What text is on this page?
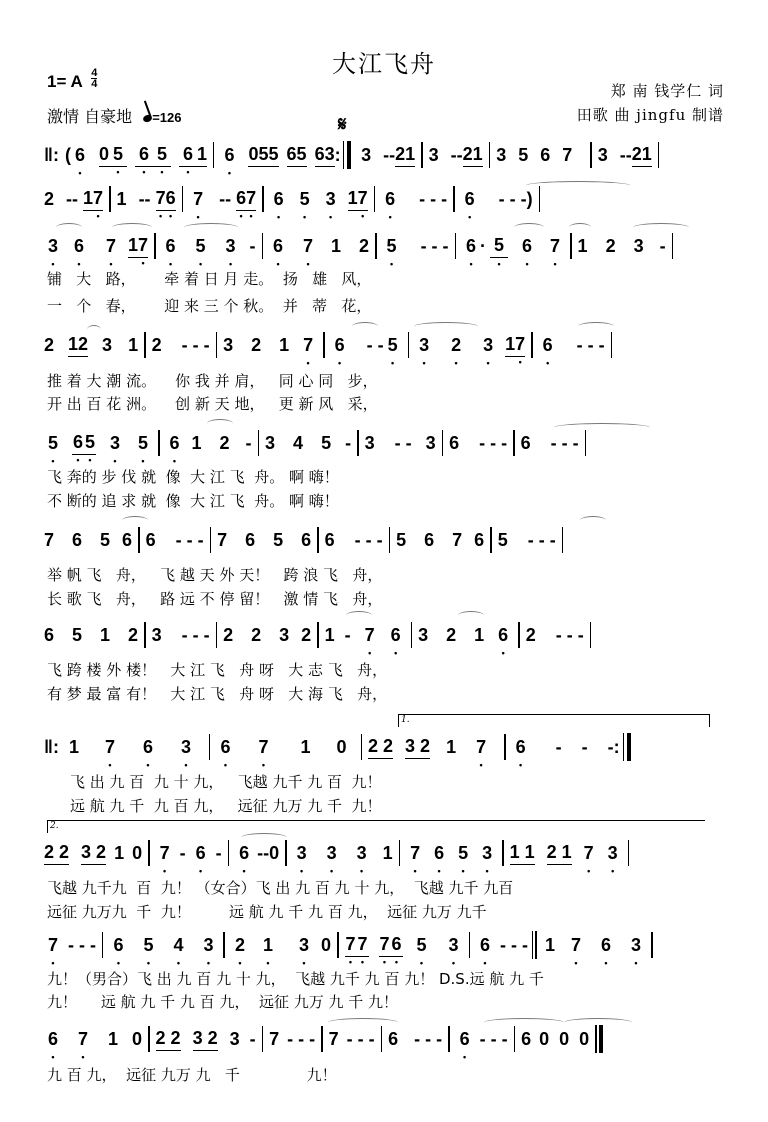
大江飞舟
1= A $\frac{4}{4}$
激情 自豪地 =126
郑 南 钱学仁 词
田歌 曲 jingfu 制谱
𝄋
‖: ( 6 • 0 5 • 6 • 5 • 6 • 1 6 • 055 65 63 : 3 -- 21 3 -- 21 3567 3 -- 21
2 -- 17 • 1 -- 7 •6 • 7 • -- 6 •7 • 6 • 5 • 3 • 17 • 6 • - - - 6 • - - -)
3 • 6 • 7 • 17 • 6 • 5 • 3 • - 6 • 7 • 1 2 5 • - - - 6 • · 5 • 6 • 7 • 1 2 3 -
铺   大   路，      牵 着 日 月 走。  扬   雄   风，
一   个   春，      迎 来 三 个 秋。  并   蒂   花，
2 12 3 1 2 - - - 3 2 1 7 • 6 • - - 5 • 3 • 2 • 3 • 17 • 6 • - - -
推 着 大 潮 流。    你 我 并 肩，   同 心 同   步，
开 出 百 花 洲。    创 新 天 地，   更 新 风   采，
5 • 6 • 5 • 3 • 5 • 6 • 1 2 - 3 4 5 - 3 - - 3 6 - - - 6 - - -
飞 奔的 步 伐 就  像  大 江 飞  舟。 啊 嗨！
不 断的 追 求 就  像  大 江 飞  舟。 啊 嗨！
7 6 5 6 6 - - - 7 6 5 6 6 - - - 5 6 7 6 5 - - -
举 帆 飞   舟，   飞 越 天 外 天！   跨 浪 飞   舟，
长 歌 飞   舟，   路 远 不 停 留！   激 情 飞   舟，
6 5 1 2 3 - - - 2 2 3 2 1 - 7 • 6 • 3 2 1 6 • 2 - - -
飞 跨 楼 外 楼！   大 江 飞   舟 呀   大 志 飞   舟，
有 梦 最 富 有！   大 江 飞   舟 呀   大 海 飞   舟，
1.
‖: 1 7 • 6 • 3 • 6 • 7 • 1 0 2 2 3 2 1 7 • 6 • -    -    - :
飞 出 九 百  九 十 九，   飞越 九千 九 百  九！
远 航 九 千  九 百 九，   远征 九万 九 千  九！
2.
2 2 3 2 1 0 7 • - 6 • - 6 • --0 3 • 3 • 3 • 1 7 • 6 • 5 • 3 • 1 1 2 1 7 • 3 •
飞越 九千九  百  九！ （女合）飞 出 九 百 九 十 九，  飞越 九千 九百
远征 九万九  千  九！        远 航 九 千 九 百 九，  远征 九万 九千
7 • - - - 6 • 5 • 4 • 3 • 2 • 1 • 3 • 0 7 • 7 • 7 • 6 • 5 • 3 • 6 • - - - 1 7 • 6 • 3 •
九！（男合）飞 出 九 百 九 十 九，  飞越 九千 九 百 九！ D.S.远 航 九 千
九！     远 航 九 千 九 百 九，  远征 九万 九 千 九！
6 • 7 • 1 0 2 2 3 2 3 - 7 - - - 7 - - - 6 - - - 6 • - - - 6 0 0 0
九 百 九，  远征 九万 九   千              九！
